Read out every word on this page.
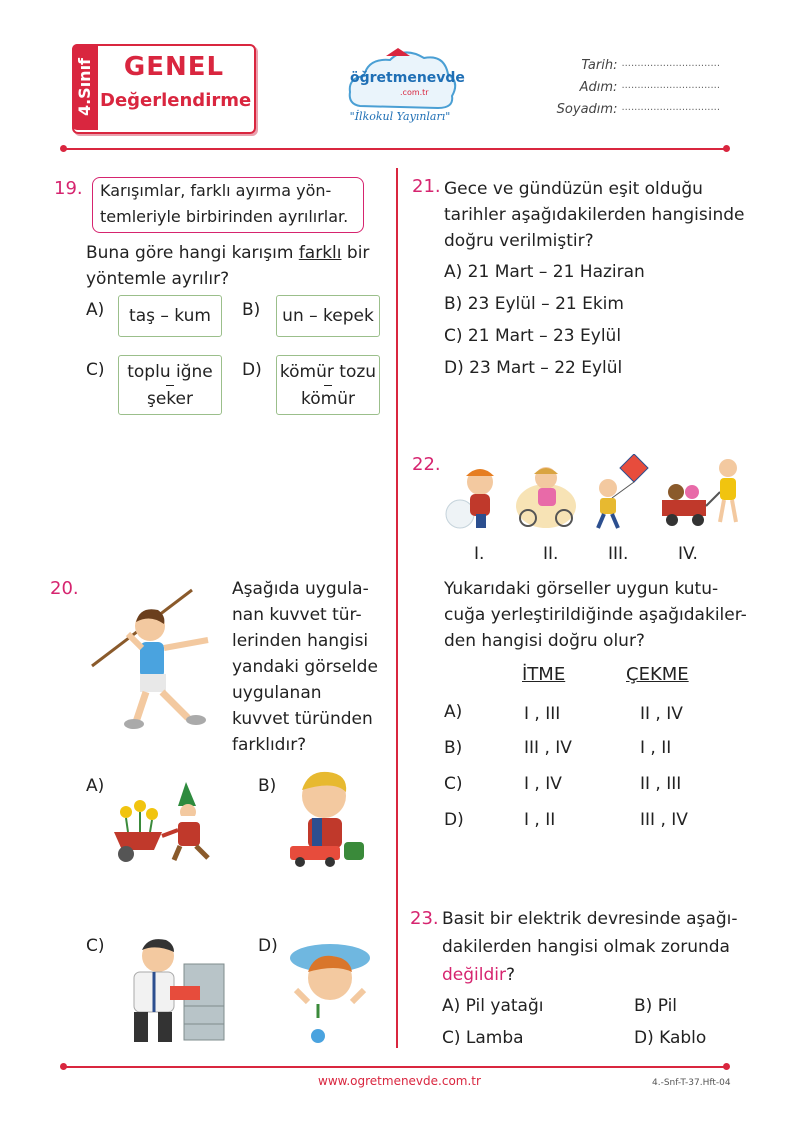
4.Sınıf	GENEL
Değerlendirme
öğretmenevde
.com.tr
"İlkokul Yayınları"
Tarih: ...............................
Adım: ...............................
Soyadım: ...............................
19. Karışımlar, farklı ayırma yön-
temleriyle birbirinden ayrılırlar.
Buna göre hangi karışım farklı bir
yöntemle ayrılır?
A) taş – kum B) un – kepek
C) toplu iğne
şeker
D) kömür tozu
kömür
20.	Aşağıda uygula-
nan kuvvet tür-
lerinden hangisi
yandaki görselde
uygulanan
kuvvet türünden
farklıdır?
A)	B)
C)	D)
21. Gece ve gündüzün eşit olduğu
tarihler aşağıdakilerden hangisinde
doğru verilmiştir?
A) 21 Mart – 21 Haziran
B) 23 Eylül – 21 Ekim
C) 21 Mart – 23 Eylül
D) 23 Mart – 22 Eylül
22.
I.	II.	III.	IV.
Yukarıdaki görseller uygun kutu-
cuğa yerleştirildiğinde aşağıdakiler-
den hangisi doğru olur?
İTME	ÇEKME
A)	I , III	II , IV
B)	III , IV	I , II
C)	I , IV	II , III
D)	I , II	III , IV
23. Basit bir elektrik devresinde aşağı-
dakilerden hangisi olmak zorunda
değildir?
A) Pil yatağı	B) Pil
C) Lamba	D) Kablo
www.ogretmenevde.com.tr	4.-Snf-T-37.Hft-04
